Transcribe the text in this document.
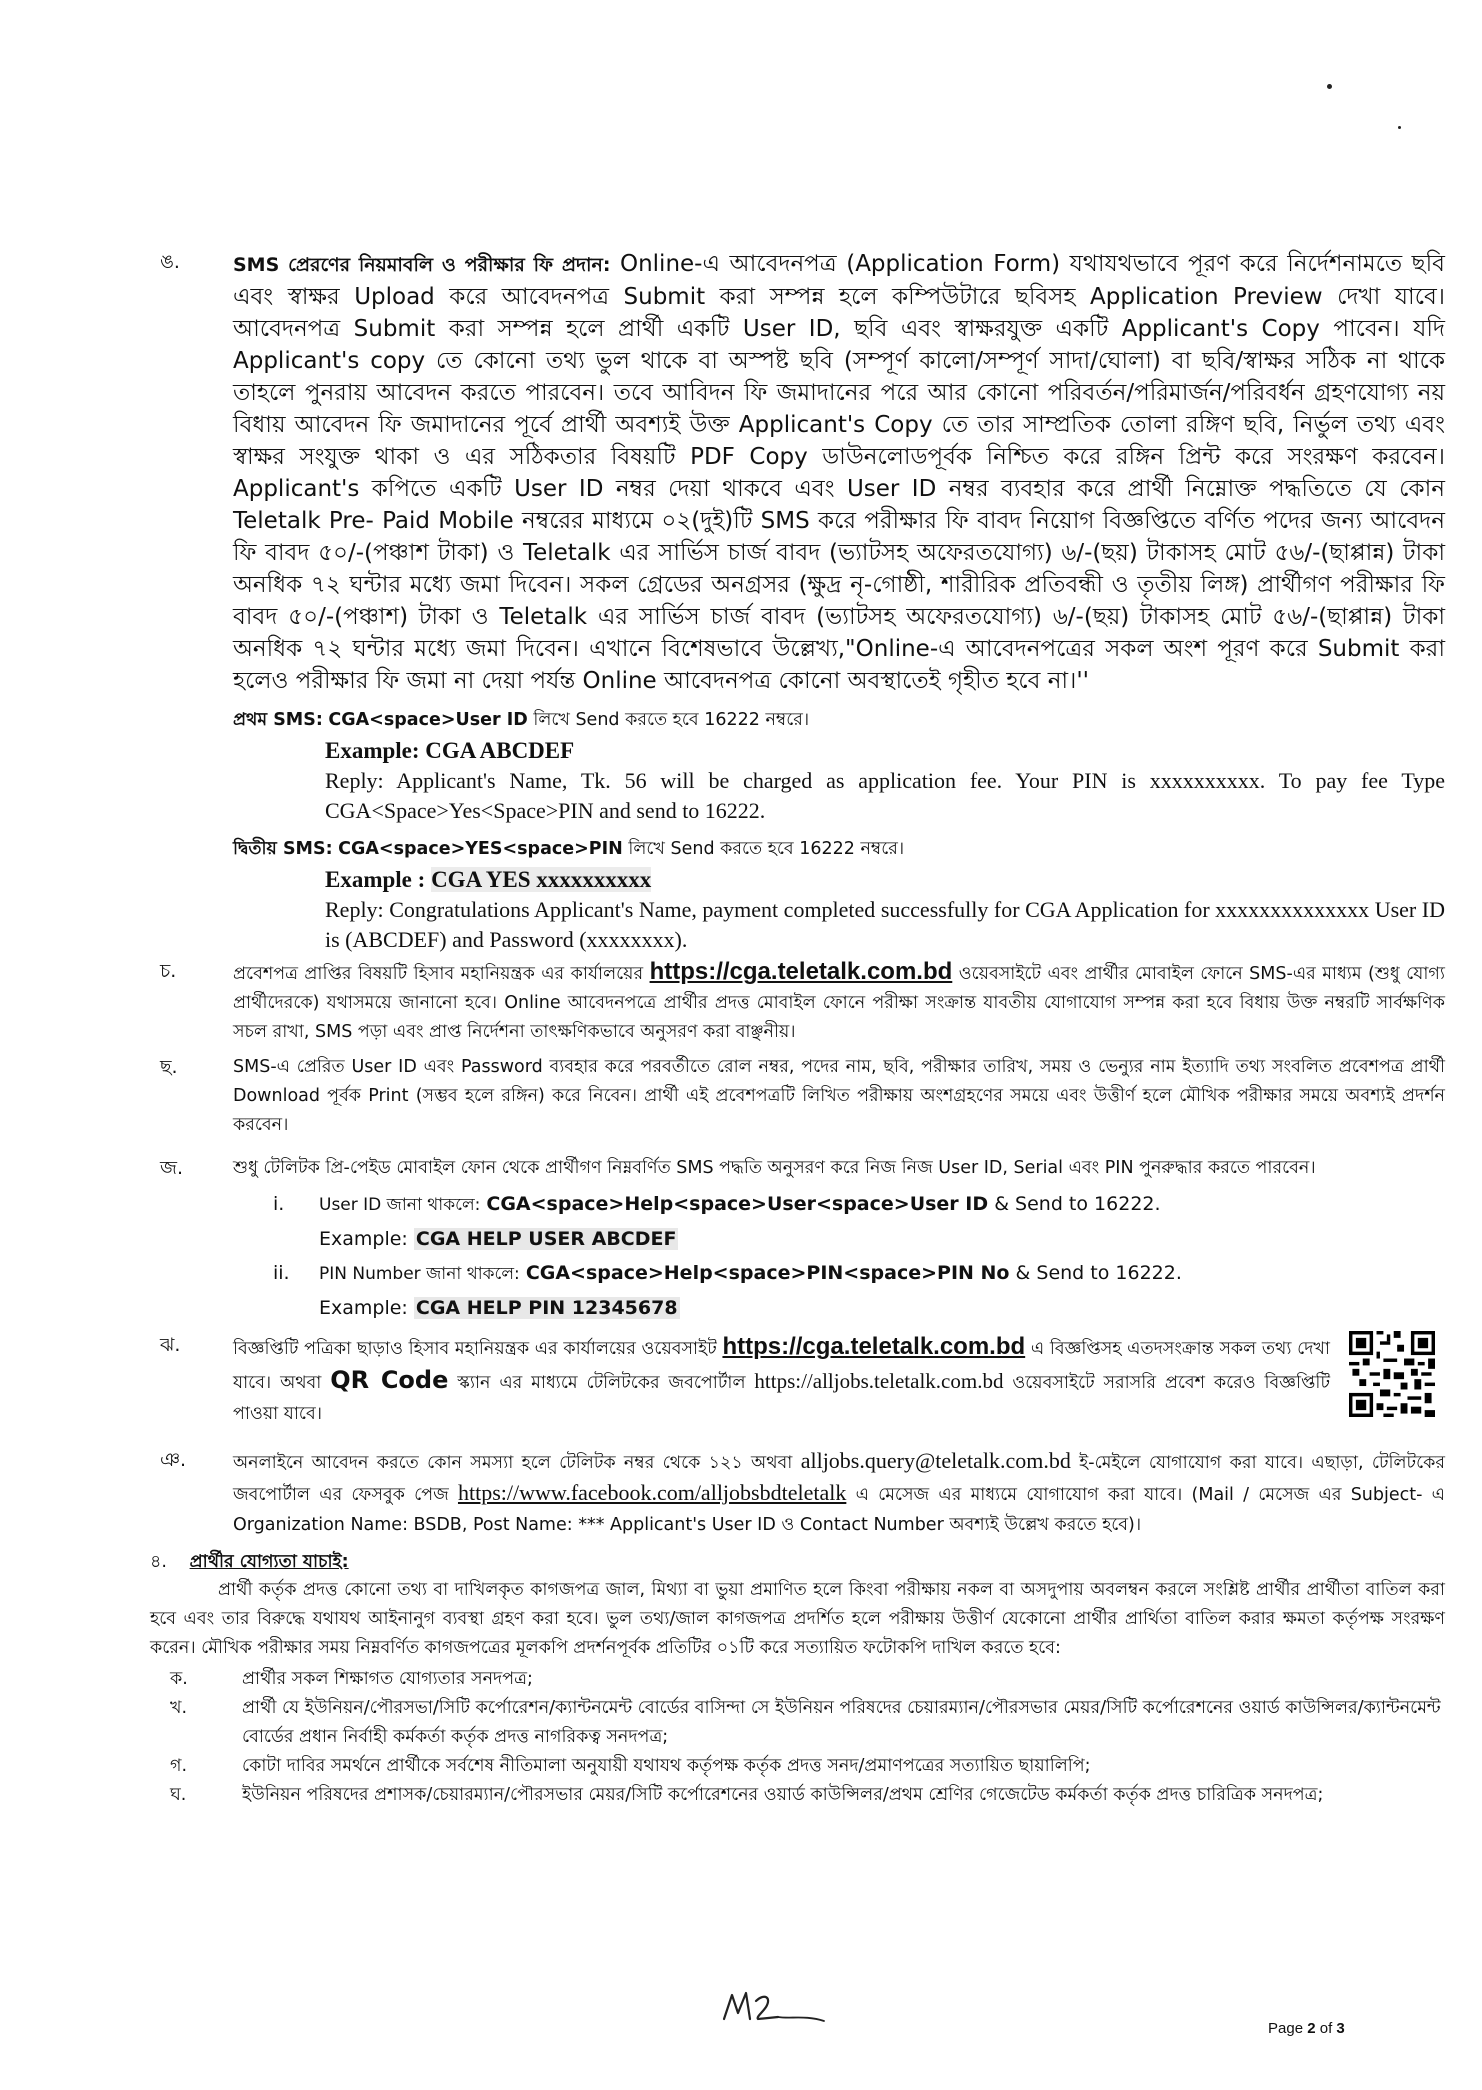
ঙ.	SMS প্রেরণের নিয়মাবলি ও পরীক্ষার ফি প্রদান: Online-এ আবেদনপত্র (Application Form) যথাযথভাবে পূরণ করে নির্দেশনামতে ছবি এবং স্বাক্ষর Upload করে আবেদনপত্র Submit করা সম্পন্ন হলে কম্পিউটারে ছবিসহ Application Preview দেখা যাবে। আবেদনপত্র Submit করা সম্পন্ন হলে প্রার্থী একটি User ID, ছবি এবং স্বাক্ষরযুক্ত একটি Applicant's Copy পাবেন। যদি Applicant's copy তে কোনো তথ্য ভুল থাকে বা অস্পষ্ট ছবি (সম্পূর্ণ কালো/সম্পূর্ণ সাদা/ঘোলা) বা ছবি/স্বাক্ষর সঠিক না থাকে তাহলে পুনরায় আবেদন করতে পারবেন। তবে আবিদন ফি জমাদানের পরে আর কোনো পরিবর্তন/পরিমার্জন/পরিবর্ধন গ্রহণযোগ্য নয় বিধায় আবেদন ফি জমাদানের পূর্বে প্রার্থী অবশ্যই উক্ত Applicant's Copy তে তার সাম্প্রতিক তোলা রঙ্গিণ ছবি, নির্ভুল তথ্য এবং স্বাক্ষর সংযুক্ত থাকা ও এর সঠিকতার বিষয়টি PDF Copy ডাউনলোডপূর্বক নিশ্চিত করে রঙ্গিন প্রিন্ট করে সংরক্ষণ করবেন। Applicant's কপিতে একটি User ID নম্বর দেয়া থাকবে এবং User ID নম্বর ব্যবহার করে প্রার্থী নিম্নোক্ত পদ্ধতিতে যে কোন Teletalk Pre- Paid Mobile নম্বরের মাধ্যমে ০২(দুই)টি SMS করে পরীক্ষার ফি বাবদ নিয়োগ বিজ্ঞপ্তিতে বর্ণিত পদের জন্য আবেদন ফি বাবদ ৫০/-(পঞ্চাশ টাকা) ও Teletalk এর সার্ভিস চার্জ বাবদ (ভ্যাটসহ অফেরতযোগ্য) ৬/-(ছয়) টাকাসহ মোট ৫৬/-(ছাপ্পান্ন) টাকা অনধিক ৭২ ঘন্টার মধ্যে জমা দিবেন। সকল গ্রেডের অনগ্রসর (ক্ষুদ্র নৃ-গোষ্ঠী, শারীরিক প্রতিবন্ধী ও তৃতীয় লিঙ্গ) প্রার্থীগণ পরীক্ষার ফি বাবদ ৫০/-(পঞ্চাশ) টাকা ও Teletalk এর সার্ভিস চার্জ বাবদ (ভ্যাটসহ অফেরতযোগ্য) ৬/-(ছয়) টাকাসহ মোট ৫৬/-(ছাপ্পান্ন) টাকা অনধিক ৭২ ঘন্টার মধ্যে জমা দিবেন। এখানে বিশেষভাবে উল্লেখ্য,"Online-এ আবেদনপত্রের সকল অংশ পূরণ করে Submit করা হলেও পরীক্ষার ফি জমা না দেয়া পর্যন্ত Online আবেদনপত্র কোনো অবস্থাতেই গৃহীত হবে না।''

প্রথম SMS: CGA<space>User ID লিখে Send করতে হবে 16222 নম্বরে।

Example: CGA ABCDEF

Reply: Applicant's Name, Tk. 56 will be charged as application fee. Your PIN is xxxxxxxxxx. To pay fee Type CGA<Space>Yes<Space>PIN and send to 16222.

দ্বিতীয় SMS: CGA<space>YES<space>PIN লিখে Send করতে হবে 16222 নম্বরে।

Example : CGA YES xxxxxxxxxx

Reply: Congratulations Applicant's Name, payment completed successfully for CGA Application for xxxxxxxxxxxxxx User ID is (ABCDEF) and Password (xxxxxxxx).

চ.	প্রবেশপত্র প্রাপ্তির বিষয়টি হিসাব মহানিয়ন্ত্রক এর কার্যালয়ের https://cga.teletalk.com.bd ওয়েবসাইটে এবং প্রার্থীর মোবাইল ফোনে SMS-এর মাধ্যম (শুধু যোগ্য প্রার্থীদেরকে) যথাসময়ে জানানো হবে। Online আবেদনপত্রে প্রার্থীর প্রদত্ত মোবাইল ফোনে পরীক্ষা সংক্রান্ত যাবতীয় যোগাযোগ সম্পন্ন করা হবে বিধায় উক্ত নম্বরটি সার্বক্ষণিক সচল রাখা, SMS পড়া এবং প্রাপ্ত নির্দেশনা তাৎক্ষণিকভাবে অনুসরণ করা বাঞ্ছনীয়।

ছ.	SMS-এ প্রেরিত User ID এবং Password ব্যবহার করে পরবর্তীতে রোল নম্বর, পদের নাম, ছবি, পরীক্ষার তারিখ, সময় ও ভেন্যুর নাম ইত্যাদি তথ্য সংবলিত প্রবেশপত্র প্রার্থী Download পূর্বক Print (সম্ভব হলে রঙ্গিন) করে নিবেন। প্রার্থী এই প্রবেশপত্রটি লিখিত পরীক্ষায় অংশগ্রহণের সময়ে এবং উত্তীর্ণ হলে মৌখিক পরীক্ষার সময়ে অবশ্যই প্রদর্শন করবেন।

জ.	শুধু টেলিটক প্রি-পেইড মোবাইল ফোন থেকে প্রার্থীগণ নিম্নবর্ণিত SMS পদ্ধতি অনুসরণ করে নিজ নিজ User ID, Serial এবং PIN পুনরুদ্ধার করতে পারবেন।

i. User ID জানা থাকলে: CGA<space>Help<space>User<space>User ID & Send to 16222.
Example: CGA HELP USER ABCDEF
ii. PIN Number জানা থাকলে: CGA<space>Help<space>PIN<space>PIN No & Send to 16222.
Example: CGA HELP PIN 12345678
ঝ.	বিজ্ঞপ্তিটি পত্রিকা ছাড়াও হিসাব মহানিয়ন্ত্রক এর কার্যালয়ের ওয়েবসাইট https://cga.teletalk.com.bd এ বিজ্ঞপ্তিসহ এতদসংক্রান্ত সকল তথ্য দেখা যাবে। অথবা QR Code স্ক্যান এর মাধ্যমে টেলিটকের জবপোর্টাল https://alljobs.teletalk.com.bd ওয়েবসাইটে সরাসরি প্রবেশ করেও বিজ্ঞপ্তিটি পাওয়া যাবে।

ঞ.	অনলাইনে আবেদন করতে কোন সমস্যা হলে টেলিটক নম্বর থেকে ১২১ অথবা alljobs.query@teletalk.com.bd ই-মেইলে যোগাযোগ করা যাবে। এছাড়া, টেলিটকের জবপোর্টাল এর ফেসবুক পেজ https://www.facebook.com/alljobsbdteletalk এ মেসেজ এর মাধ্যমে যোগাযোগ করা যাবে। (Mail / মেসেজ এর Subject- এ Organization Name: BSDB, Post Name: *** Applicant's User ID ও Contact Number অবশ্যই উল্লেখ করতে হবে)।

৪. প্রার্থীর যোগ্যতা যাচাই:

প্রার্থী কর্তৃক প্রদত্ত কোনো তথ্য বা দাখিলকৃত কাগজপত্র জাল, মিথ্যা বা ভুয়া প্রমাণিত হলে কিংবা পরীক্ষায় নকল বা অসদুপায় অবলম্বন করলে সংশ্লিষ্ট প্রার্থীর প্রার্থীতা বাতিল করা হবে এবং তার বিরুদ্ধে যথাযথ আইনানুগ ব্যবস্থা গ্রহণ করা হবে। ভুল তথ্য/জাল কাগজপত্র প্রদর্শিত হলে পরীক্ষায় উত্তীর্ণ যেকোনো প্রার্থীর প্রার্থিতা বাতিল করার ক্ষমতা কর্তৃপক্ষ সংরক্ষণ করেন। মৌখিক পরীক্ষার সময় নিম্নবর্ণিত কাগজপত্রের মূলকপি প্রদর্শনপূর্বক প্রতিটির ০১টি করে সত্যায়িত ফটোকপি দাখিল করতে হবে:

ক.	প্রার্থীর সকল শিক্ষাগত যোগ্যতার সনদপত্র;
খ.	প্রার্থী যে ইউনিয়ন/পৌরসভা/সিটি কর্পোরেশন/ক্যান্টনমেন্ট বোর্ডের বাসিন্দা সে ইউনিয়ন পরিষদের চেয়ারম্যান/পৌরসভার মেয়র/সিটি কর্পোরেশনের ওয়ার্ড কাউন্সিলর/ক্যান্টনমেন্ট বোর্ডের প্রধান নির্বাহী কর্মকর্তা কর্তৃক প্রদত্ত নাগরিকত্ব সনদপত্র;
গ.	কোটা দাবির সমর্থনে প্রার্থীকে সর্বশেষ নীতিমালা অনুযায়ী যথাযথ কর্তৃপক্ষ কর্তৃক প্রদত্ত সনদ/প্রমাণপত্রের সত্যায়িত ছায়ালিপি;
ঘ.	ইউনিয়ন পরিষদের প্রশাসক/চেয়ারম্যান/পৌরসভার মেয়র/সিটি কর্পোরেশনের ওয়ার্ড কাউন্সিলর/প্রথম শ্রেণির গেজেটেড কর্মকর্তা কর্তৃক প্রদত্ত চারিত্রিক সনদপত্র;
Page 2 of 3
